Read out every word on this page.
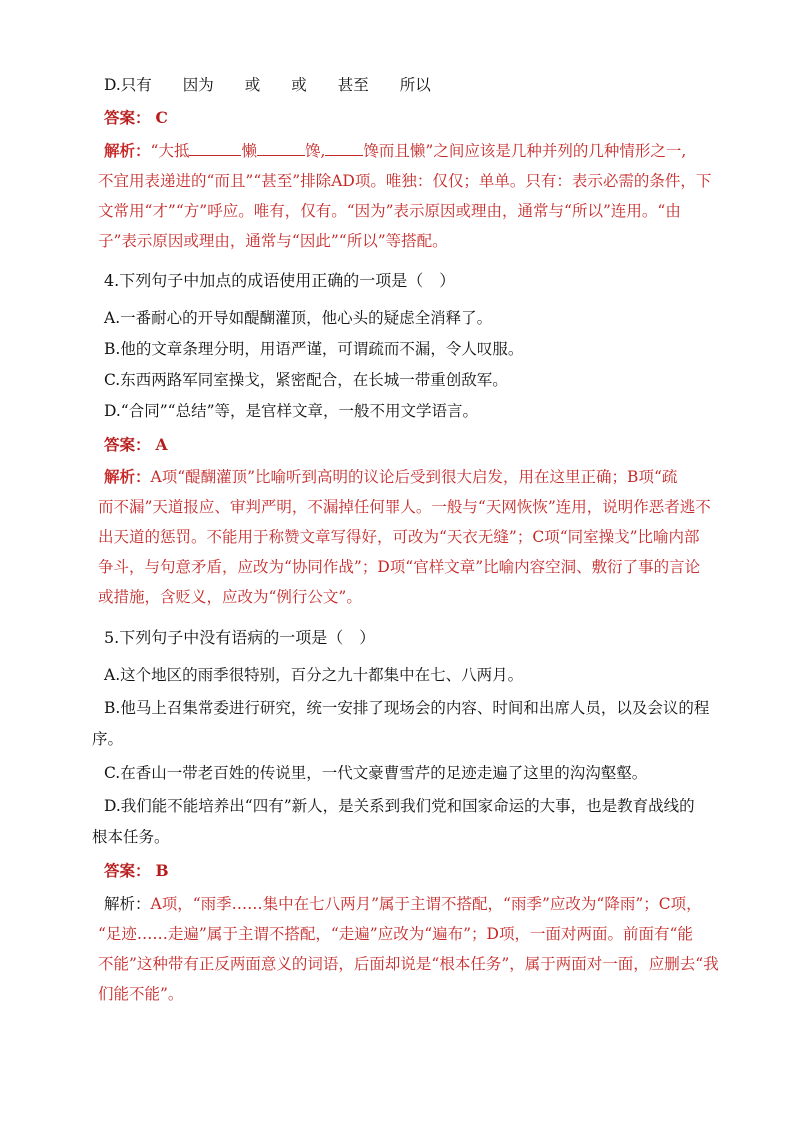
D.只有　　因为　　或　　或　　甚至　　所以
答案： C
解析：“大抵	懒	馋, 馋而且懒”之间应该是几种并列的几种情形之一,
不宜用表递进的“而且”“甚至”排除AD项。唯独：仅仅；单单。只有：表示必需的条件，下
文常用“才”“方”呼应。唯有，仅有。“因为”表示原因或理由，通常与“所以”连用。“由
子”表示原因或理由，通常与“因此”“所以”等搭配。
4.下列句子中加点的成语使用正确的一项是（　）
A.一番耐心的开导如醍醐灌顶，他心头的疑虑全消释了。
B.他的文章条理分明，用语严谨，可谓疏而不漏，令人叹服。
C.东西两路军同室操戈，紧密配合，在长城一带重创敌军。
D.“合同”“总结”等，是官样文章，一般不用文学语言。
答案： A
解析：A项“醍醐灌顶”比喻听到高明的议论后受到很大启发，用在这里正确；B项“疏
而不漏”天道报应、审判严明，不漏掉任何罪人。一般与“天网恢恢”连用，说明作恶者逃不
出天道的惩罚。不能用于称赞文章写得好，可改为“天衣无缝”；C项“同室操戈”比喻内部
争斗，与句意矛盾，应改为“协同作战”；D项“官样文章”比喻内容空洞、敷衍了事的言论
或措施，含贬义，应改为“例行公文”。
5.下列句子中没有语病的一项是（　）
A.这个地区的雨季很特别，百分之九十都集中在七、八两月。
B.他马上召集常委进行研究，统一安排了现场会的内容、时间和出席人员，以及会议的程
序。
C.在香山一带老百姓的传说里，一代文豪曹雪芹的足迹走遍了这里的沟沟壑壑。
D.我们能不能培养出“四有”新人，是关系到我们党和国家命运的大事，也是教育战线的
根本任务。
答案： B
解析：A项，“雨季……集中在七八两月”属于主谓不搭配，“雨季”应改为“降雨”；C项，
“足迹……走遍”属于主谓不搭配，“走遍”应改为“遍布”；D项，一面对两面。前面有“能
不能”这种带有正反两面意义的词语，后面却说是“根本任务”，属于两面对一面，应删去“我
们能不能”。
